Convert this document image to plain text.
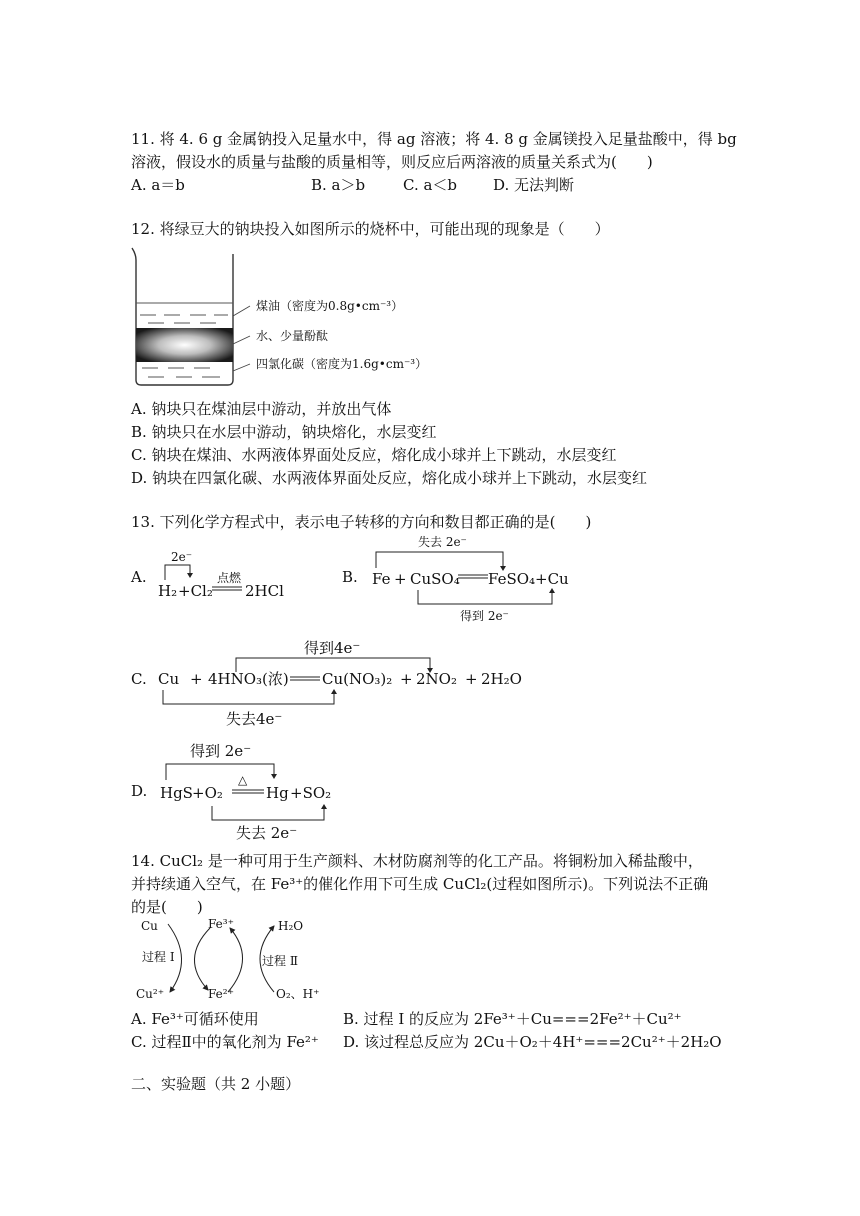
11. 将 4. 6 g 金属钠投入足量水中，得 ag 溶液；将 4. 8 g 金属镁投入足量盐酸中，得 bg
溶液，假设水的质量与盐酸的质量相等，则反应后两溶液的质量关系式为(　　)
A. a＝b	B. a＞b	C. a＜b D. 无法判断
12. 将绿豆大的钠块投入如图所示的烧杯中，可能出现的现象是（　　）
煤油（密度为0.8g•cm⁻³）
水、少量酚酞
四氯化碳（密度为1.6g•cm⁻³）
A. 钠块只在煤油层中游动，并放出气体
B. 钠块只在水层中游动，钠块熔化，水层变红
C. 钠块在煤油、水两液体界面处反应，熔化成小球并上下跳动，水层变红
D. 钠块在四氯化碳、水两液体界面处反应，熔化成小球并上下跳动，水层变红
13. 下列化学方程式中，表示电子转移的方向和数目都正确的是(　　)
A.
2e⁻
H₂ +Cl₂
点燃
2HCl
B.
失去 2e⁻
Fe + CuSO₄ FeSO₄ +Cu
得到 2e⁻
得到4e⁻
C. Cu + 4HNO₃(浓) Cu(NO₃)₂ + 2NO₂ + 2H₂O
失去4e⁻
得到 2e⁻
D. HgS +O₂
△
Hg +SO₂
失去 2e⁻
14. CuCl₂ 是一种可用于生产颜料、木材防腐剂等的化工产品。将铜粉加入稀盐酸中，
并持续通入空气，在 Fe³⁺的催化作用下可生成 CuCl₂(过程如图所示)。下列说法不正确
的是(　　)
Cu	Fe³⁺	H₂O
过程 Ⅰ	过程 Ⅱ
Cu²⁺	Fe²⁺	O₂、H⁺
A. Fe³⁺可循环使用	B. 过程 Ⅰ 的反应为 2Fe³⁺＋Cu===2Fe²⁺＋Cu²⁺
C. 过程Ⅱ中的氧化剂为 Fe²⁺ D. 该过程总反应为 2Cu＋O₂＋4H⁺===2Cu²⁺＋2H₂O
二、实验题（共 2 小题）
